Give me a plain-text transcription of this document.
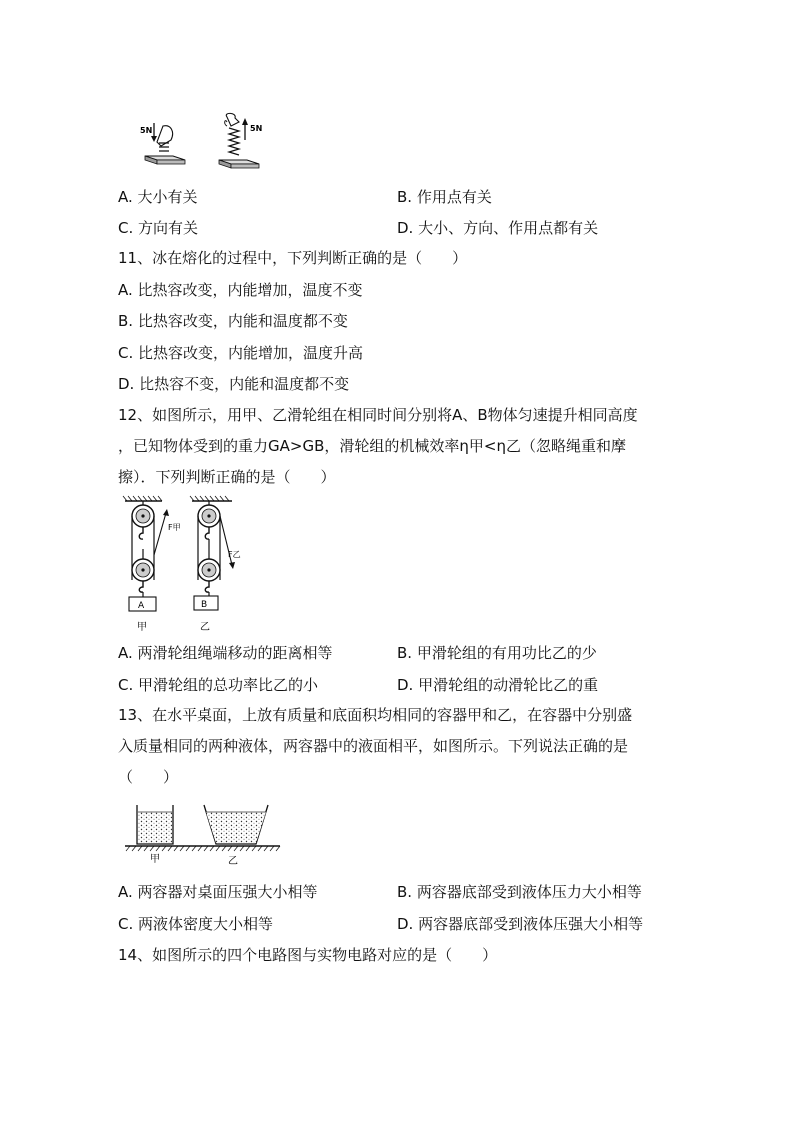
5N	5N
A. 大小有关	B. 作用点有关
C. 方向有关	D. 大小、方向、作用点都有关
11、冰在熔化的过程中，下列判断正确的是（　　）
A. 比热容改变，内能增加，温度不变
B. 比热容改变，内能和温度都不变
C. 比热容改变，内能增加，温度升高
D. 比热容不变，内能和温度都不变
12、如图所示，用甲、乙滑轮组在相同时间分别将A、B物体匀速提升相同高度
，已知物体受到的重力GA>GB，滑轮组的机械效率η甲<η乙（忽略绳重和摩
擦）．下列判断正确的是（　　）
F甲
A
甲
F乙
B
乙
A. 两滑轮组绳端移动的距离相等	B. 甲滑轮组的有用功比乙的少
C. 甲滑轮组的总功率比乙的小	D. 甲滑轮组的动滑轮比乙的重
13、在水平桌面，上放有质量和底面积均相同的容器甲和乙，在容器中分别盛
入质量相同的两种液体，两容器中的液面相平，如图所示。下列说法正确的是
（　　）
甲	乙
A. 两容器对桌面压强大小相等	B. 两容器底部受到液体压力大小相等
C. 两液体密度大小相等	D. 两容器底部受到液体压强大小相等
14、如图所示的四个电路图与实物电路对应的是（　　）
